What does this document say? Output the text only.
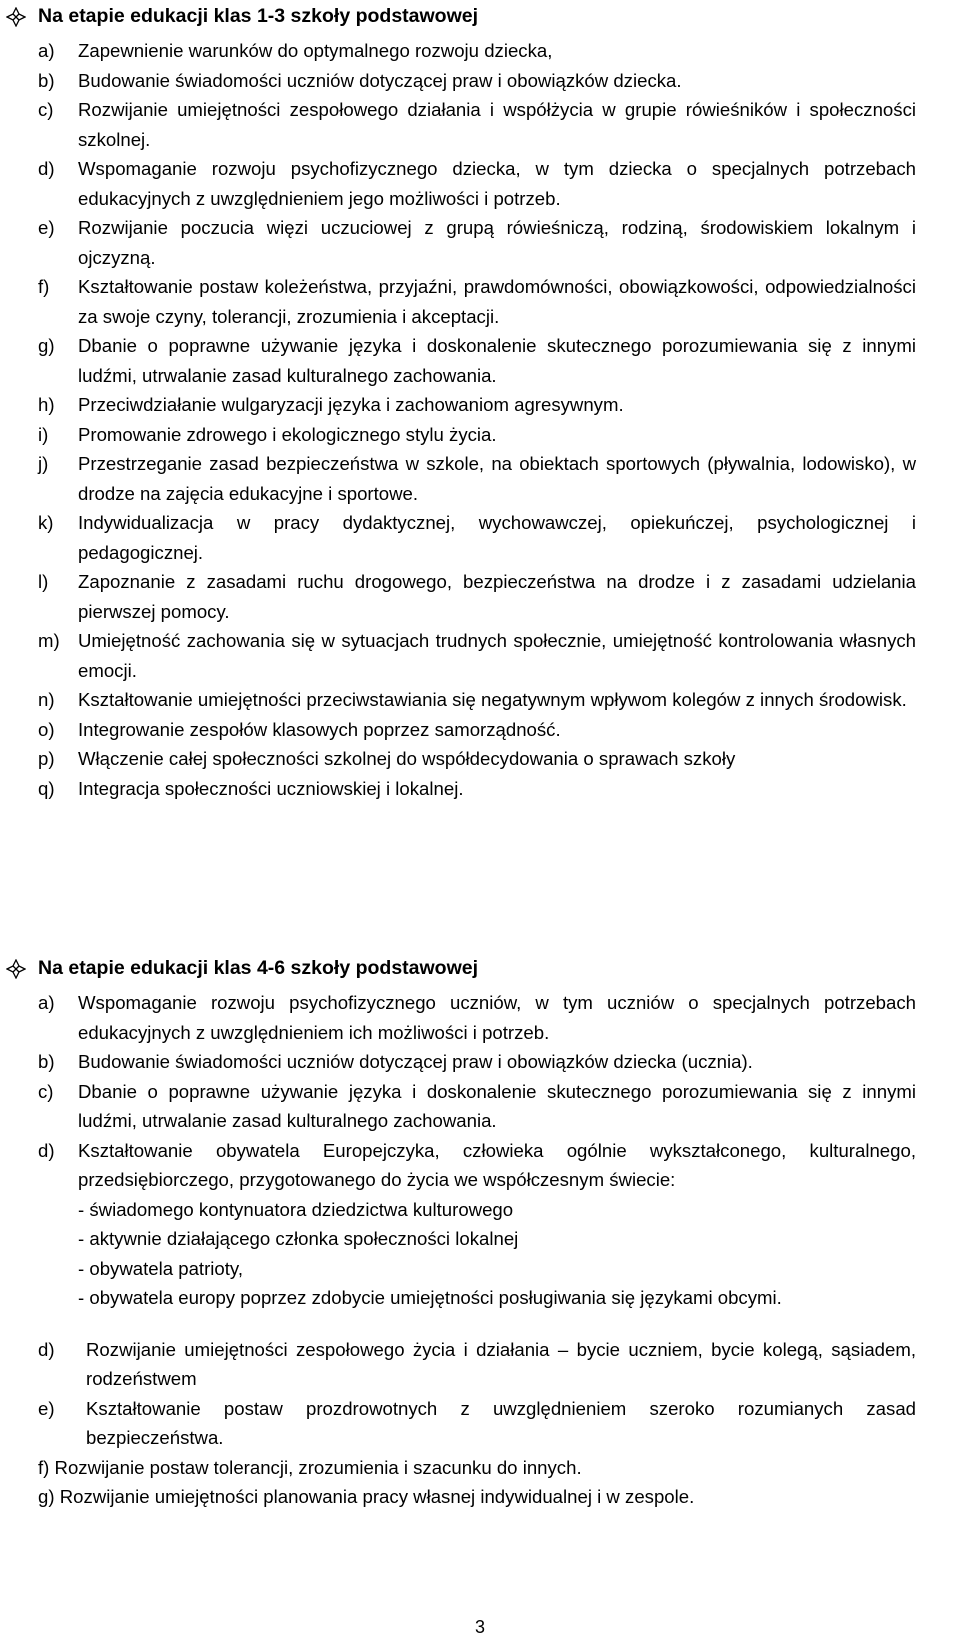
Na etapie edukacji klas 1-3 szkoły podstawowej
a) Zapewnienie warunków do optymalnego rozwoju dziecka,
b) Budowanie świadomości uczniów dotyczącej praw i obowiązków dziecka.
c) Rozwijanie umiejętności zespołowego działania i współżycia w grupie rówieśników i społeczności szkolnej.
d) Wspomaganie rozwoju psychofizycznego dziecka, w tym dziecka o specjalnych potrzebach edukacyjnych z uwzględnieniem jego możliwości i potrzeb.
e) Rozwijanie poczucia więzi uczuciowej z grupą rówieśniczą, rodziną, środowiskiem lokalnym i ojczyzną.
f) Kształtowanie postaw koleżeństwa, przyjaźni, prawdomówności, obowiązkowości, odpowiedzialności za swoje czyny, tolerancji, zrozumienia i akceptacji.
g) Dbanie o poprawne używanie języka i doskonalenie skutecznego porozumiewania się z innymi ludźmi, utrwalanie zasad kulturalnego zachowania.
h) Przeciwdziałanie wulgaryzacji języka i zachowaniom agresywnym.
i) Promowanie zdrowego i ekologicznego stylu życia.
j) Przestrzeganie zasad bezpieczeństwa w szkole, na obiektach sportowych (pływalnia, lodowisko), w drodze na zajęcia edukacyjne i sportowe.
k) Indywidualizacja w pracy dydaktycznej, wychowawczej, opiekuńczej, psychologicznej i pedagogicznej.
l) Zapoznanie z zasadami ruchu drogowego, bezpieczeństwa na drodze i z zasadami udzielania pierwszej pomocy.
m) Umiejętność zachowania się w sytuacjach trudnych społecznie, umiejętność kontrolowania własnych emocji.
n) Kształtowanie umiejętności przeciwstawiania się negatywnym wpływom kolegów z innych środowisk.
o) Integrowanie zespołów klasowych poprzez samorządność.
p) Włączenie całej społeczności szkolnej do współdecydowania o sprawach szkoły
q) Integracja społeczności uczniowskiej i lokalnej.
Na etapie edukacji klas 4-6 szkoły podstawowej
a) Wspomaganie rozwoju psychofizycznego uczniów, w tym uczniów o specjalnych potrzebach edukacyjnych z uwzględnieniem ich możliwości i potrzeb.
b) Budowanie świadomości uczniów dotyczącej praw i obowiązków dziecka (ucznia).
c) Dbanie o poprawne używanie języka i doskonalenie skutecznego porozumiewania się z innymi ludźmi, utrwalanie zasad kulturalnego zachowania.
d) Kształtowanie obywatela Europejczyka, człowieka ogólnie wykształconego, kulturalnego, przedsiębiorczego, przygotowanego do życia we współczesnym świecie:
- świadomego kontynuatora dziedzictwa kulturowego
- aktywnie działającego członka społeczności lokalnej
- obywatela patrioty,
- obywatela europy poprzez zdobycie umiejętności posługiwania się językami obcymi.
d) Rozwijanie umiejętności zespołowego życia i działania – bycie uczniem, bycie kolegą, sąsiadem, rodzeństwem
e) Kształtowanie postaw prozdrowotnych z uwzględnieniem szeroko rozumianych zasad bezpieczeństwa.
f) Rozwijanie postaw tolerancji, zrozumienia i szacunku do innych.
g) Rozwijanie umiejętności planowania pracy własnej indywidualnej i w zespole.
3
